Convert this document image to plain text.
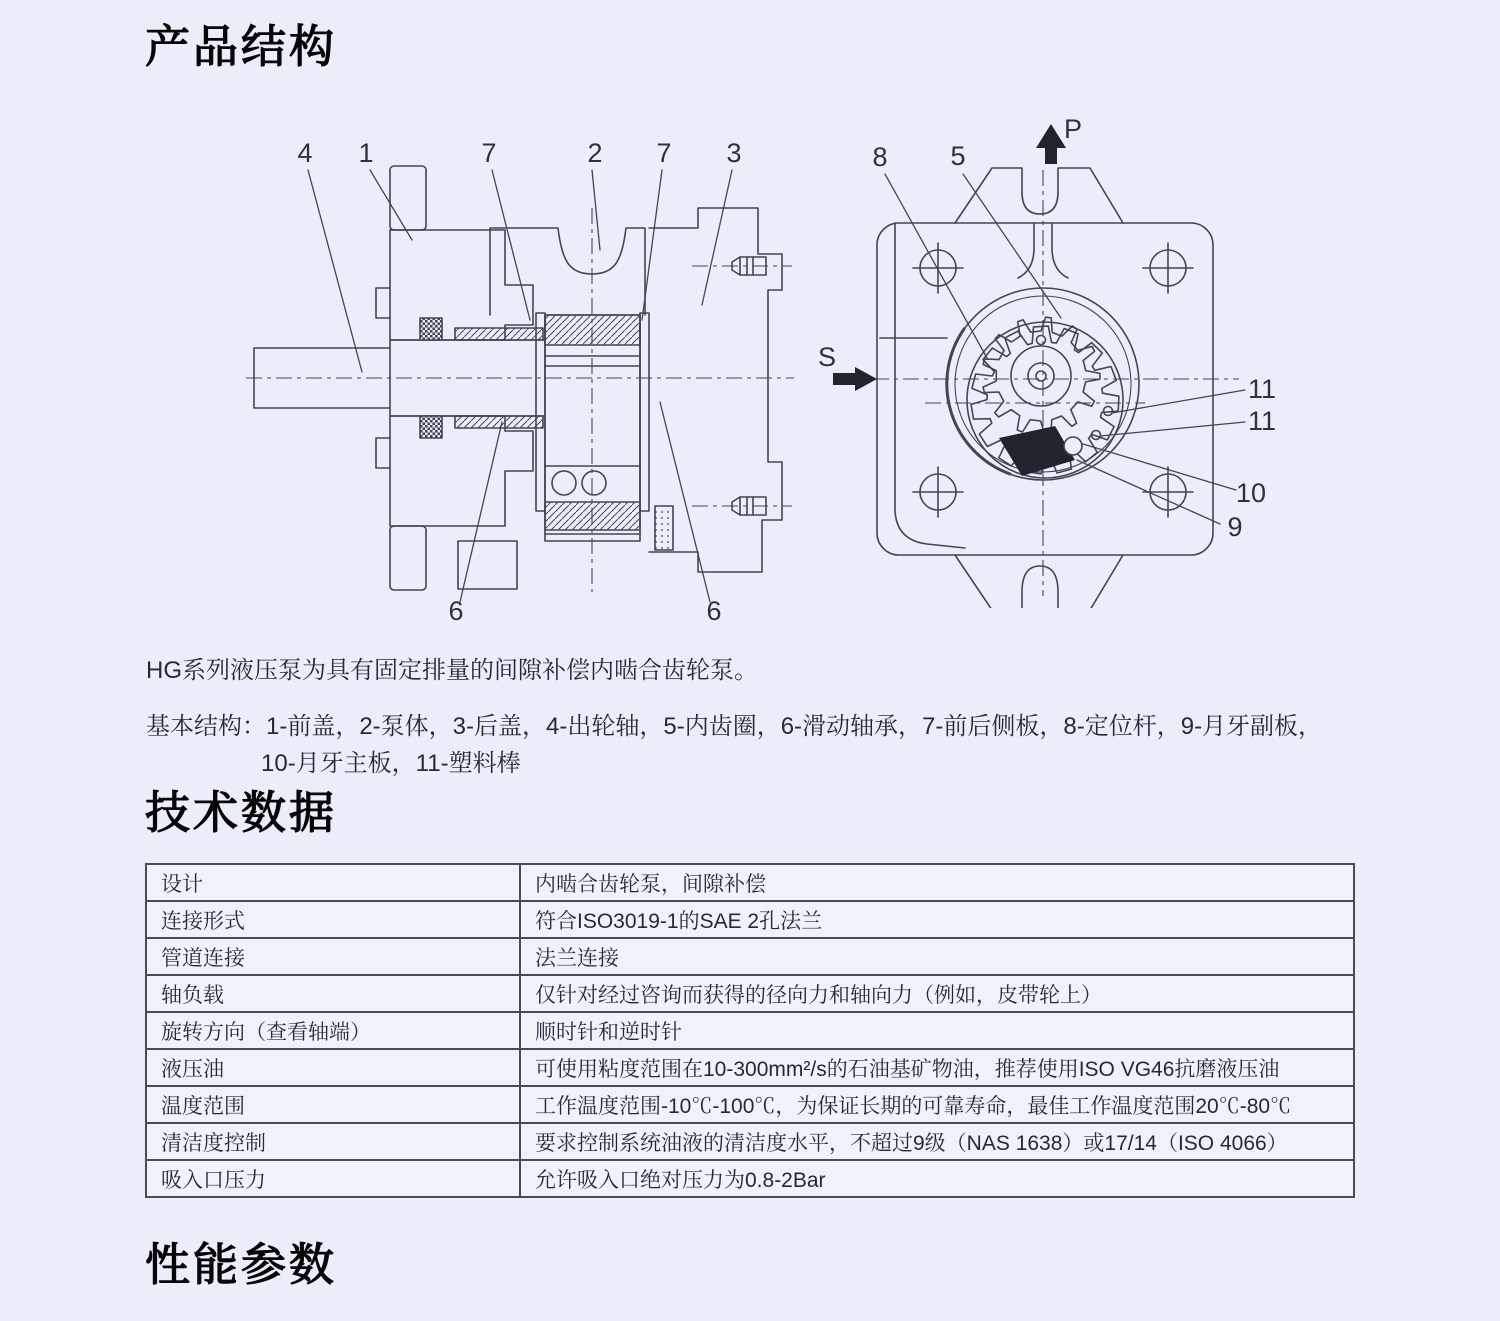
产品结构
4 1	7	2 7 3
6	6
P
S
8 5
11
11
10
9

HG系列液压泵为具有固定排量的间隙补偿内啮合齿轮泵。

基本结构：1-前盖，2-泵体，3-后盖，4-出轮轴，5-内齿圈，6-滑动轴承，7-前后侧板，8-定位杆，9-月牙副板，
10-月牙主板，11-塑料棒

技术数据
设计	内啮合齿轮泵，间隙补偿
连接形式	符合ISO3019-1的SAE 2孔法兰
管道连接	法兰连接
轴负载	仅针对经过咨询而获得的径向力和轴向力（例如，皮带轮上）
旋转方向（查看轴端）	顺时针和逆时针
液压油	可使用粘度范围在10-300mm²/s的石油基矿物油，推荐使用ISO VG46抗磨液压油
温度范围	工作温度范围-10℃-100℃，为保证长期的可靠寿命，最佳工作温度范围20℃-80℃
清洁度控制	要求控制系统油液的清洁度水平，不超过9级（NAS 1638）或17/14（ISO 4066）
吸入口压力	允许吸入口绝对压力为0.8-2Bar
性能参数
